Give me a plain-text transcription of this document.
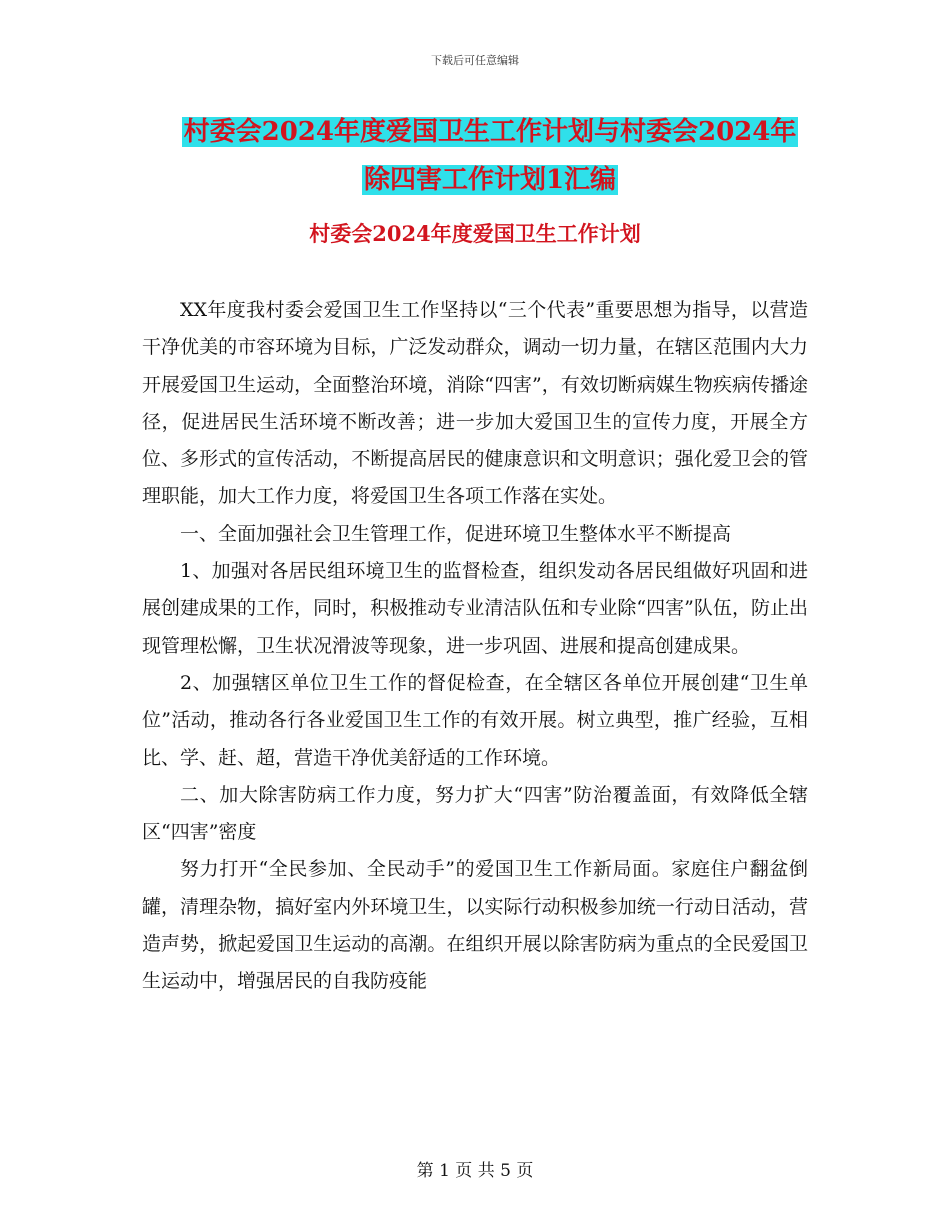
下载后可任意编辑
村委会2024年度爱国卫生工作计划与村委会2024年
除四害工作计划1汇编
村委会2024年度爱国卫生工作计划

XX年度我村委会爱国卫生工作坚持以“三个代表”重要思想为指导，以营造干净优美的市容环境为目标，广泛发动群众，调动一切力量，在辖区范围内大力开展爱国卫生运动，全面整治环境，消除“四害”，有效切断病媒生物疾病传播途径，促进居民生活环境不断改善；进一步加大爱国卫生的宣传力度，开展全方位、多形式的宣传活动，不断提高居民的健康意识和文明意识；强化爱卫会的管理职能，加大工作力度，将爱国卫生各项工作落在实处。

一、全面加强社会卫生管理工作，促进环境卫生整体水平不断提高

1、加强对各居民组环境卫生的监督检查，组织发动各居民组做好巩固和进展创建成果的工作，同时，积极推动专业清洁队伍和专业除“四害”队伍，防止出现管理松懈，卫生状况滑波等现象，进一步巩固、进展和提高创建成果。

2、加强辖区单位卫生工作的督促检查，在全辖区各单位开展创建“卫生单位”活动，推动各行各业爱国卫生工作的有效开展。树立典型，推广经验，互相比、学、赶、超，营造干净优美舒适的工作环境。

二、加大除害防病工作力度，努力扩大“四害”防治覆盖面，有效降低全辖区“四害”密度

努力打开“全民参加、全民动手”的爱国卫生工作新局面。家庭住户翻盆倒罐，清理杂物，搞好室内外环境卫生，以实际行动积极参加统一行动日活动，营造声势，掀起爱国卫生运动的高潮。在组织开展以除害防病为重点的全民爱国卫生运动中，增强居民的自我防疫能

第 1 页 共 5 页
